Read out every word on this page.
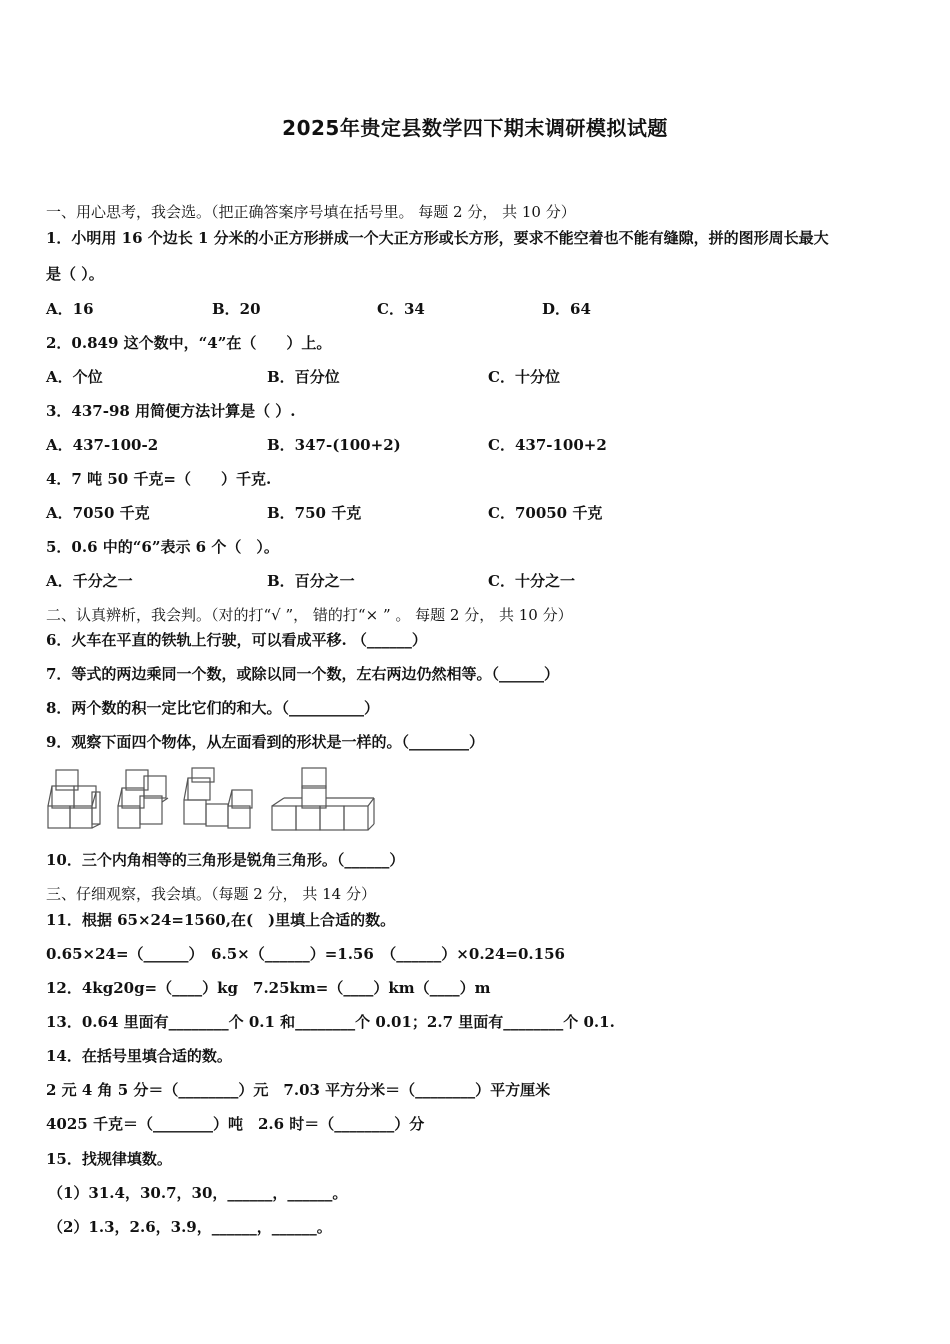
2025年贵定县数学四下期末调研模拟试题
一、用心思考，我会选。（把正确答案序号填在括号里。 每题 2 分， 共 10 分）
1．小明用 16 个边长 1 分米的小正方形拼成一个大正方形或长方形，要求不能空着也不能有缝隙，拼的图形周长最大
是（ ）。
A．16	B．20	C．34	D．64
2．0.849 这个数中，“4”在（　　）上。
A．个位	B．百分位	C．十分位
3．437-98 用简便方法计算是（ ）.
A．437-100-2	B．347-(100+2)	C．437-100+2
4．7 吨 50 千克=（　　）千克.
A．7050 千克	B．750 千克	C．70050 千克
5．0.6 中的“6”表示 6 个（　）。
A．千分之一	B．百分之一	C．十分之一
二、认真辨析，我会判。（对的打“√ ”， 错的打“× ” 。 每题 2 分， 共 10 分）
6．火车在平直的铁轨上行驶，可以看成平移. （______）
7．等式的两边乘同一个数，或除以同一个数，左右两边仍然相等。（______）
8．两个数的积一定比它们的和大。（__________）
9．观察下面四个物体，从左面看到的形状是一样的。（________）
10．三个内角相等的三角形是锐角三角形。（______）
三、仔细观察，我会填。（每题 2 分， 共 14 分）
11．根据 65×24=1560,在(　)里填上合适的数。
0.65×24=（______）　6.5×（______）=1.56　（______）×0.24=0.156
12．4kg20g=（____）kg　7.25km=（____）km（____）m
13．0.64 里面有________个 0.1 和________个 0.01；2.7 里面有________个 0.1.
14．在括号里填合适的数。
2 元 4 角 5 分＝（________）元　7.03 平方分米＝（________）平方厘米
4025 千克＝（________）吨　2.6 时＝（________）分
15．找规律填数。
（1）31.4，30.7，30，______，______。
（2）1.3，2.6，3.9，______，______。
